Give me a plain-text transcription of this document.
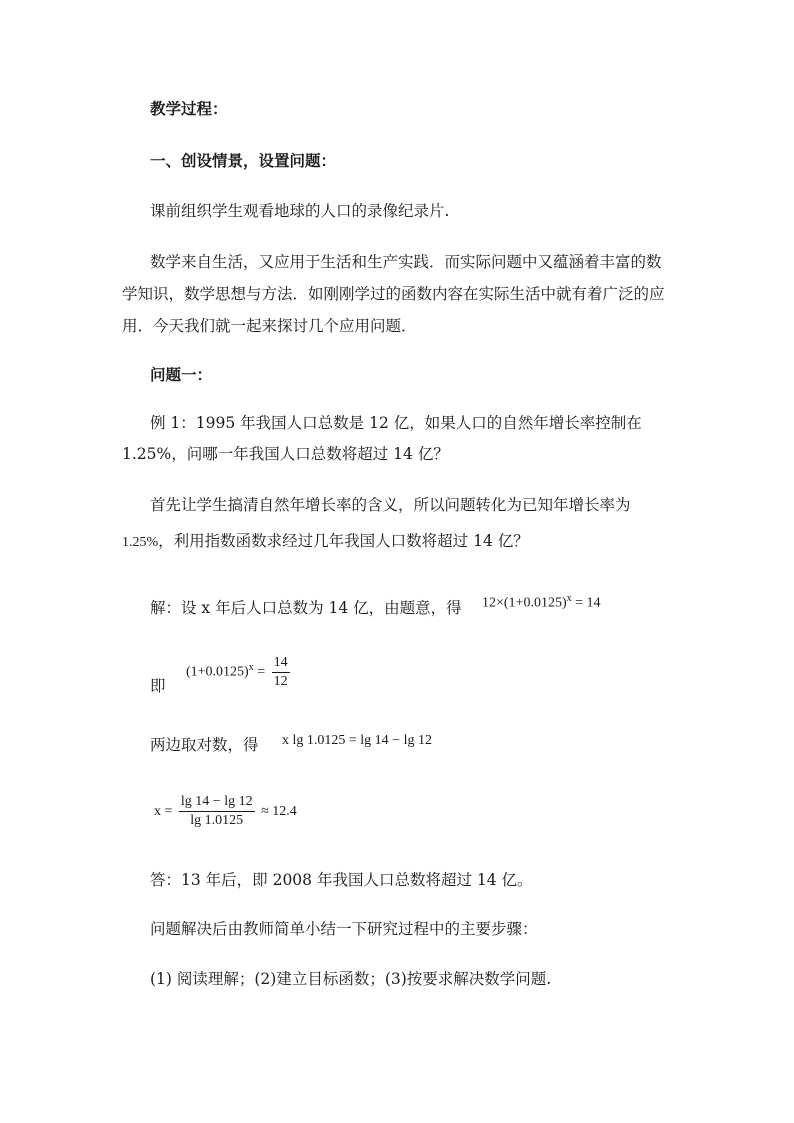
教学过程：
一、创设情景，设置问题：
课前组织学生观看地球的人口的录像纪录片.
数学来自生活，又应用于生活和生产实践．而实际问题中又蕴涵着丰富的数
学知识，数学思想与方法．如刚刚学过的函数内容在实际生活中就有着广泛的应
用．今天我们就一起来探讨几个应用问题．
问题一：
例 1：1995 年我国人口总数是 12 亿，如果人口的自然年增长率控制在
1.25%，问哪一年我国人口总数将超过 14 亿？
首先让学生搞清自然年增长率的含义，所以问题转化为已知年增长率为
1.25%，利用指数函数求经过几年我国人口数将超过 14 亿？
解：设 x 年后人口总数为 14 亿，由题意，得 $12\times(1+0.0125)^x = 14$
$(1+0.0125)^x = \frac{14}{12}$
即
两边取对数，得 x lg 1.0125 = lg 14 − lg 12
$x = \frac{\lg 14 - \lg 12}{\lg 1.0125} \approx 12.4$
答：13 年后，即 2008 年我国人口总数将超过 14 亿。
问题解决后由教师简单小结一下研究过程中的主要步骤：
(1) 阅读理解；(2)建立目标函数；(3)按要求解决数学问题.
